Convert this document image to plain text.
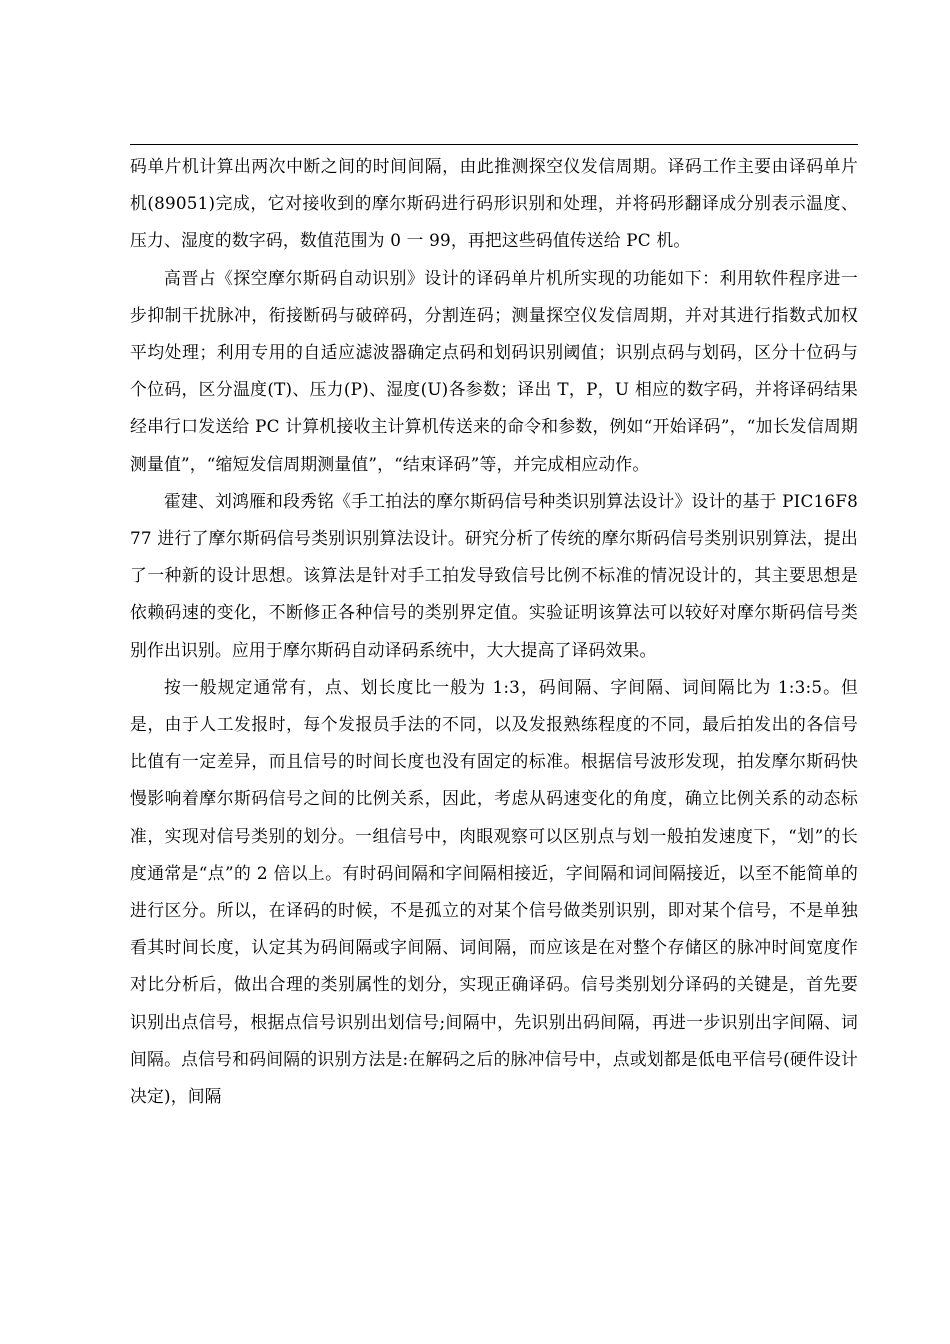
码单片机计算出两次中断之间的时间间隔，由此推测探空仪发信周期。译码工作主要由译码单片机(89051)完成，它对接收到的摩尔斯码进行码形识别和处理，并将码形翻译成分别表示温度、压力、湿度的数字码，数值范围为 0 一 99，再把这些码值传送给 PC 机。

高晋占《探空摩尔斯码自动识别》设计的译码单片机所实现的功能如下：利用软件程序进一步抑制干扰脉冲，衔接断码与破碎码，分割连码；测量探空仪发信周期，并对其进行指数式加权平均处理；利用专用的自适应滤波器确定点码和划码识别阈值；识别点码与划码，区分十位码与个位码，区分温度(T)、压力(P)、湿度(U)各参数；译出 T，P，U 相应的数字码，并将译码结果经串行口发送给 PC 计算机接收主计算机传送来的命令和参数，例如“开始译码”，“加长发信周期测量值”，“缩短发信周期测量值”，“结束译码”等，并完成相应动作。

霍建、刘鸿雁和段秀铭《手工拍法的摩尔斯码信号种类识别算法设计》设计的基于 PIC16F877 进行了摩尔斯码信号类别识别算法设计。研究分析了传统的摩尔斯码信号类别识别算法，提出了一种新的设计思想。该算法是针对手工拍发导致信号比例不标准的情况设计的，其主要思想是依赖码速的变化，不断修正各种信号的类别界定值。实验证明该算法可以较好对摩尔斯码信号类别作出识别。应用于摩尔斯码自动译码系统中，大大提高了译码效果。

按一般规定通常有，点、划长度比一般为 1:3，码间隔、字间隔、词间隔比为 1:3:5。但是，由于人工发报时，每个发报员手法的不同，以及发报熟练程度的不同，最后拍发出的各信号比值有一定差异，而且信号的时间长度也没有固定的标准。根据信号波形发现，拍发摩尔斯码快慢影响着摩尔斯码信号之间的比例关系，因此，考虑从码速变化的角度，确立比例关系的动态标准，实现对信号类别的划分。一组信号中，肉眼观察可以区别点与划一般拍发速度下，“划”的长度通常是“点”的 2 倍以上。有时码间隔和字间隔相接近，字间隔和词间隔接近，以至不能简单的进行区分。所以，在译码的时候，不是孤立的对某个信号做类别识别，即对某个信号，不是单独看其时间长度，认定其为码间隔或字间隔、词间隔，而应该是在对整个存储区的脉冲时间宽度作对比分析后，做出合理的类别属性的划分，实现正确译码。信号类别划分译码的关键是，首先要识别出点信号，根据点信号识别出划信号;间隔中，先识别出码间隔，再进一步识别出字间隔、词间隔。点信号和码间隔的识别方法是:在解码之后的脉冲信号中，点或划都是低电平信号(硬件设计决定)，间隔
